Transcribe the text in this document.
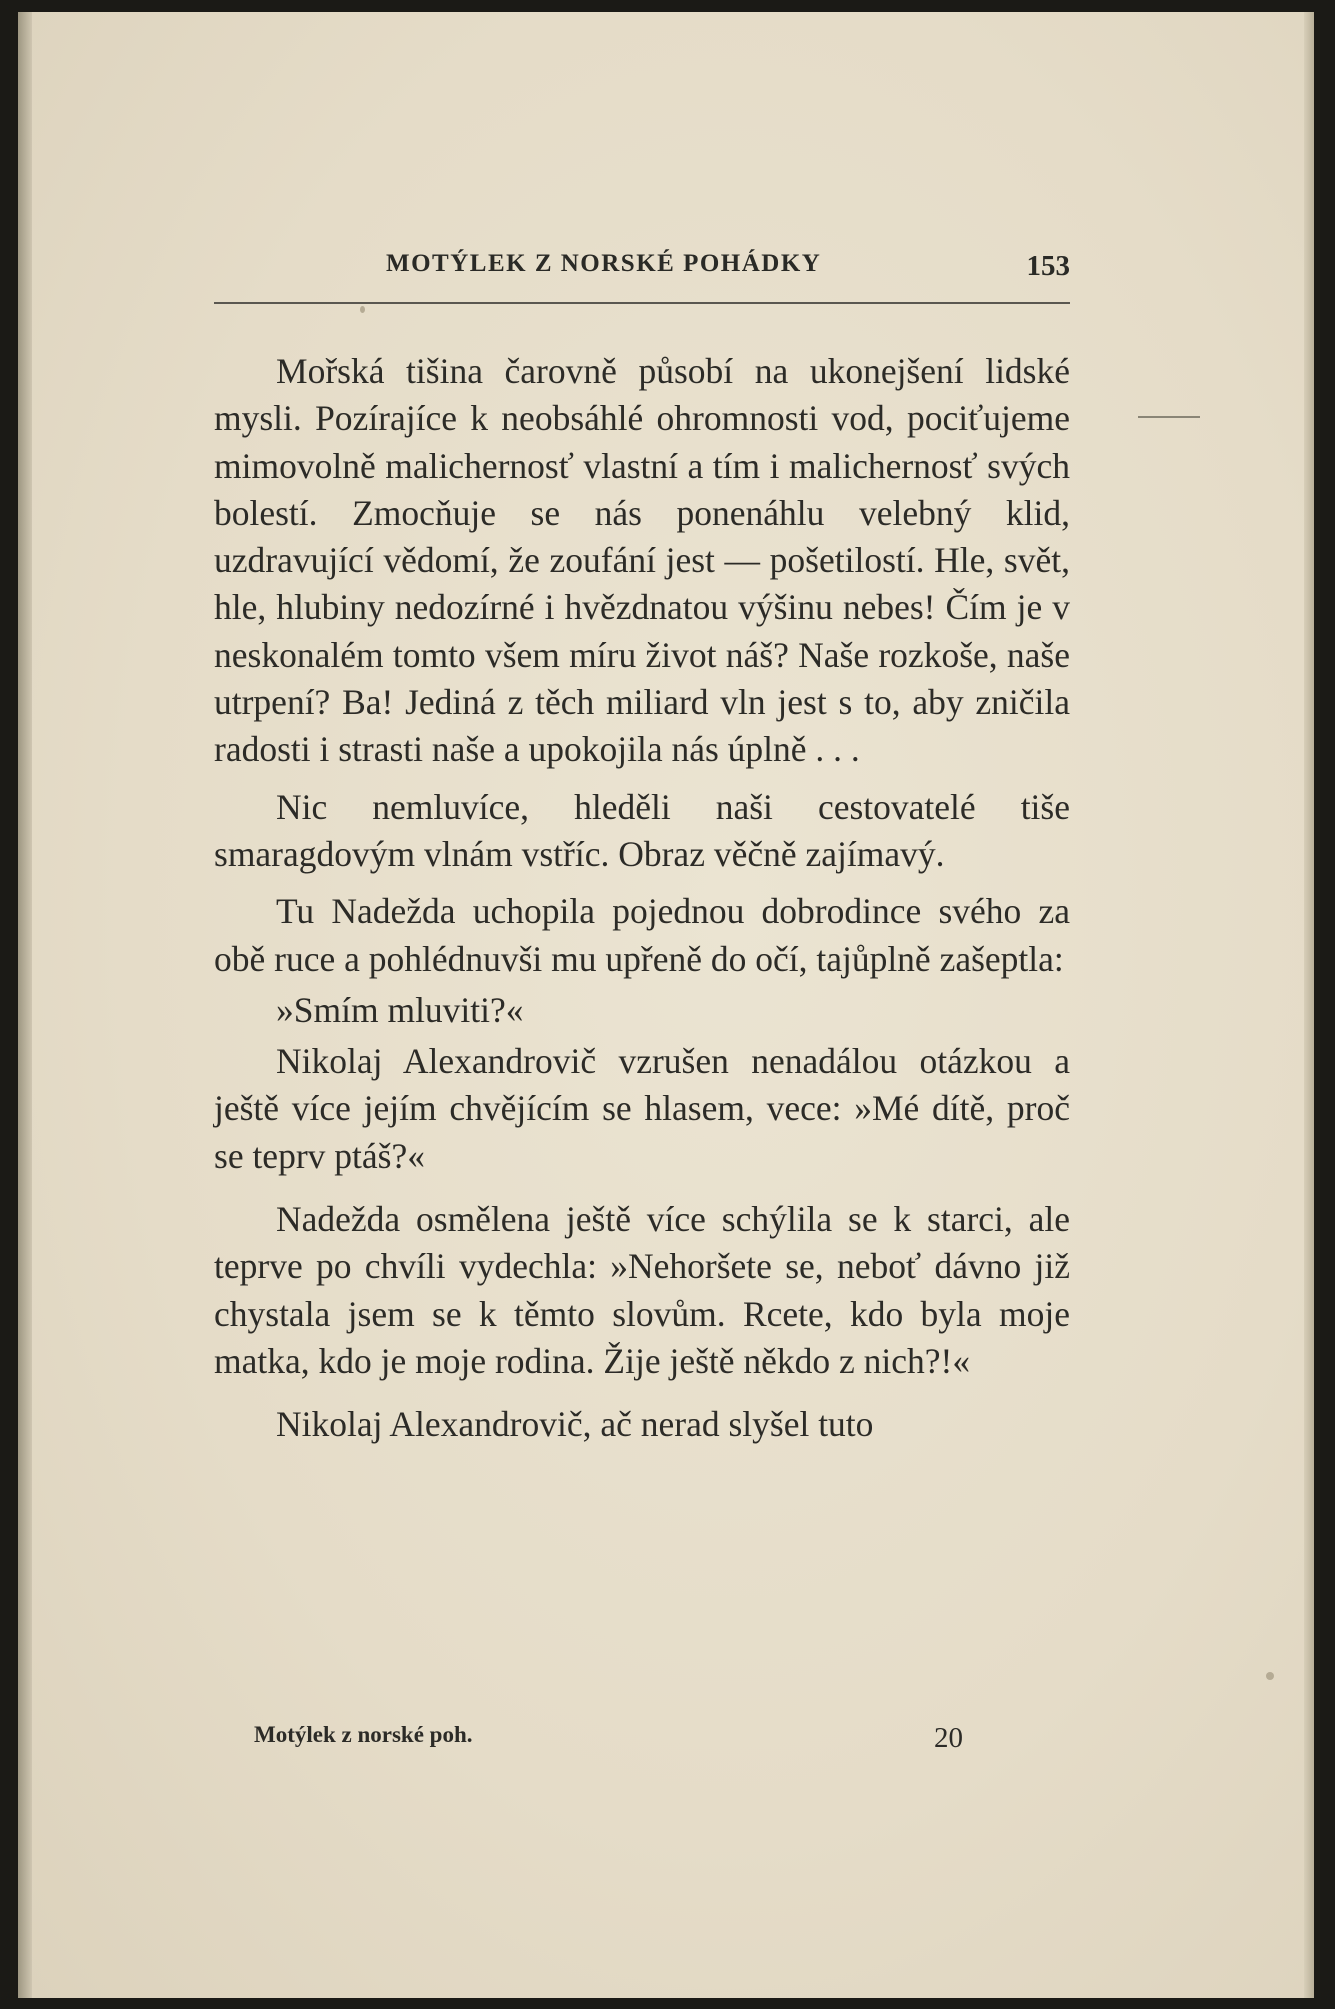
MOTÝLEK Z NORSKÉ POHÁDKY	153

Mořská tišina čarovně působí na ukonejšení lidské mysli. Pozírajíce k neobsáhlé ohromnosti vod, pociťujeme mimovolně malichernosť vlastní a tím i malichernosť svých bolestí. Zmocňuje se nás ponenáhlu velebný klid, uzdravující vědomí, že zoufání jest — pošetilostí. Hle, svět, hle, hlubiny nedozírné i hvězdnatou výšinu nebes! Čím je v neskonalém tomto všem míru život náš? Naše rozkoše, naše utrpení? Ba! Jediná z těch miliard vln jest s to, aby zničila radosti i strasti naše a upokojila nás úplně . . .

Nic nemluvíce, hleděli naši cestovatelé tiše smaragdovým vlnám vstříc. Obraz věčně zajímavý.

Tu Nadežda uchopila pojednou dobrodince svého za obě ruce a pohlédnuvši mu upřeně do očí, tajůplně zašeptla:

»Smím mluviti?«

Nikolaj Alexandrovič vzrušen nenadálou otázkou a ještě více jejím chvějícím se hlasem, vece: »Mé dítě, proč se teprv ptáš?«

Nadežda osmělena ještě více schýlila se k starci, ale teprve po chvíli vydechla: »Nehoršete se, neboť dávno již chystala jsem se k těmto slovům. Rcete, kdo byla moje matka, kdo je moje rodina. Žije ještě někdo z nich?!«

Nikolaj Alexandrovič, ač nerad slyšel tuto

Motýlek z norské poh.	20
